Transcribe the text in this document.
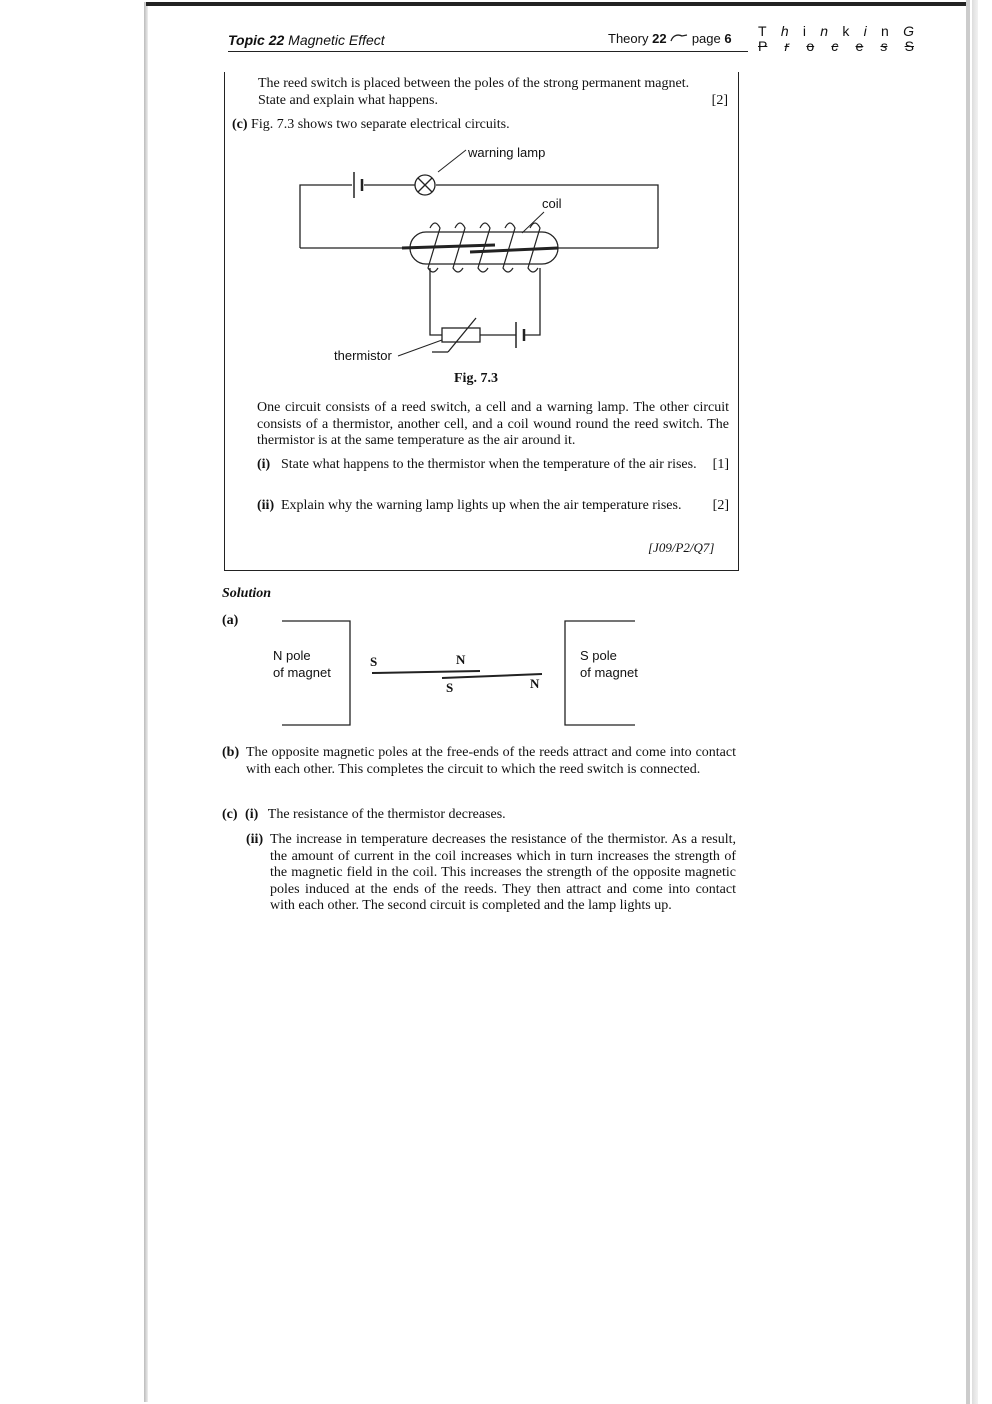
Topic 22 Magnetic Effect	Theory 22 page 6 T h i n k i n G
P r o c e s S
The reed switch is placed between the poles of the strong permanent magnet.
State and explain what happens.	[2]
(c) Fig. 7.3 shows two separate electrical circuits.
warning lamp
coil
thermistor
Fig. 7.3
One circuit consists of a reed switch, a cell and a warning lamp. The other circuit consists of a thermistor, another cell, and a coil wound round the reed switch. The thermistor is at the same temperature as the air around it.
(i) State what happens to the thermistor when the temperature of the air rises. [1]
(ii) Explain why the warning lamp lights up when the air temperature rises. [2]
[J09/P2/Q7]
Solution
(a)
N pole
of magnet
S pole
of magnet
S	N
S	N
(b) The opposite magnetic poles at the free-ends of the reeds attract and come into contact with each other. This completes the circuit to which the reed switch is connected.
(c) (i) The resistance of the thermistor decreases.
(ii) The increase in temperature decreases the resistance of the thermistor. As a result, the amount of current in the coil increases which in turn increases the strength of the magnetic field in the coil. This increases the strength of the opposite magnetic poles induced at the ends of the reeds. They then attract and come into contact with each other. The second circuit is completed and the lamp lights up.
